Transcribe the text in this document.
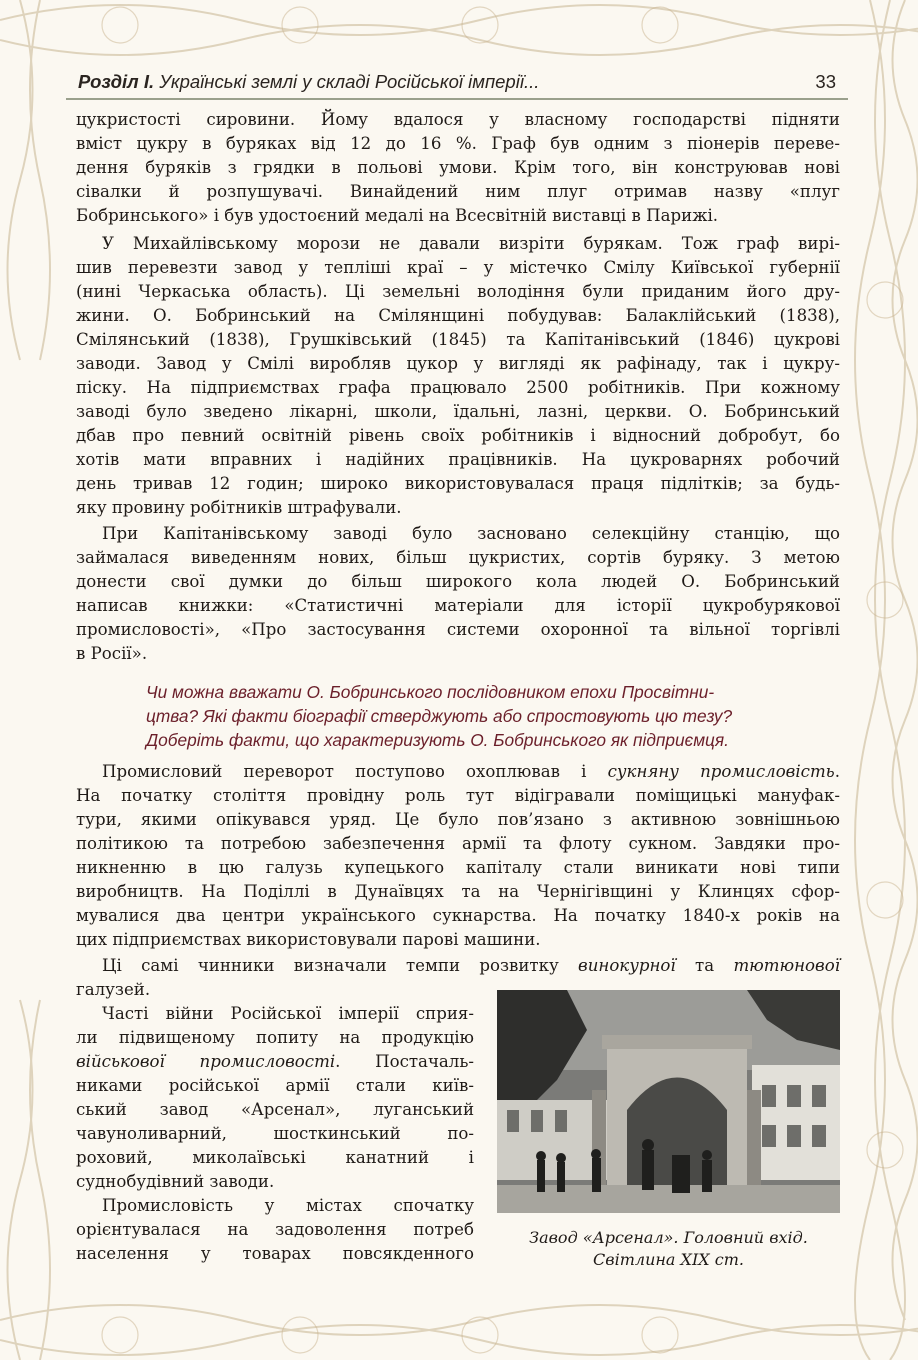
Розділ І. Українські землі у складі Російської імперії...	33
цукристості сировини. Йому вдалося у власному господарстві підняти
вміст цукру в буряках від 12 до 16 %. Граф був одним з піонерів переве-
дення буряків з грядки в польові умови. Крім того, він конструював нові
сівалки й розпушувачі. Винайдений ним плуг отримав назву «плуг
Бобринського» і був удостоєний медалі на Всесвітній виставці в Парижі.
У Михайлівському морози не давали визріти бурякам. Тож граф вирі-
шив перевезти завод у тепліші краї – у містечко Смілу Київської губернії
(нині Черкаська область). Ці земельні володіння були приданим його дру-
жини. О. Бобринський на Смілянщині побудував: Балаклійський (1838),
Смілянський (1838), Грушківський (1845) та Капітанівський (1846) цукрові
заводи. Завод у Смілі виробляв цукор у вигляді як рафінаду, так і цукру-
піску. На підприємствах графа працювало 2500 робітників. При кожному
заводі було зведено лікарні, школи, їдальні, лазні, церкви. О. Бобринський
дбав про певний освітній рівень своїх робітників і відносний добробут, бо
хотів мати вправних і надійних працівників. На цукроварнях робочий
день тривав 12 годин; широко використовувалася праця підлітків; за будь-
яку провину робітників штрафували.
При Капітанівському заводі було засновано селекційну станцію, що
займалася виведенням нових, більш цукристих, сортів буряку. З метою
донести свої думки до більш широкого кола людей О. Бобринський
написав книжки: «Статистичні матеріали для історії цукробурякової
промисловості», «Про застосування системи охоронної та вільної торгівлі
в Росії».
Чи можна вважати О. Бобринського послідовником епохи Просвітни-
цтва? Які факти біографії стверджують або спростовують цю тезу?
Доберіть факти, що характеризують О. Бобринського як підприємця.
Промисловий переворот поступово охоплював і сукняну промисловість.
На початку століття провідну роль тут відігравали поміщицькі мануфак-
тури, якими опікувався уряд. Це було пов’язано з активною зовнішньою
політикою та потребою забезпечення армії та флоту сукном. Завдяки про-
никненню в цю галузь купецького капіталу стали виникати нові типи
виробництв. На Поділлі в Дунаївцях та на Чернігівщині у Клинцях сфор-
мувалися два центри українського сукнарства. На початку 1840-х років на
цих підприємствах використовували парові машини.
Ці самі чинники визначали темпи розвитку винокурної та тютюнової
галузей.
Часті війни Російської імперії сприя-
ли підвищеному попиту на продукцію
військової промисловості. Постачаль-
никами російської армії стали київ-
ський завод «Арсенал», луганський
чавуноливарний, шосткинський по-
роховий, миколаївські канатний і
суднобудівний заводи.
Промисловість у містах спочатку
орієнтувалася на задоволення потреб
населення у товарах повсякденного
Завод «Арсенал». Головний вхід.
Світлина XIX ст.
